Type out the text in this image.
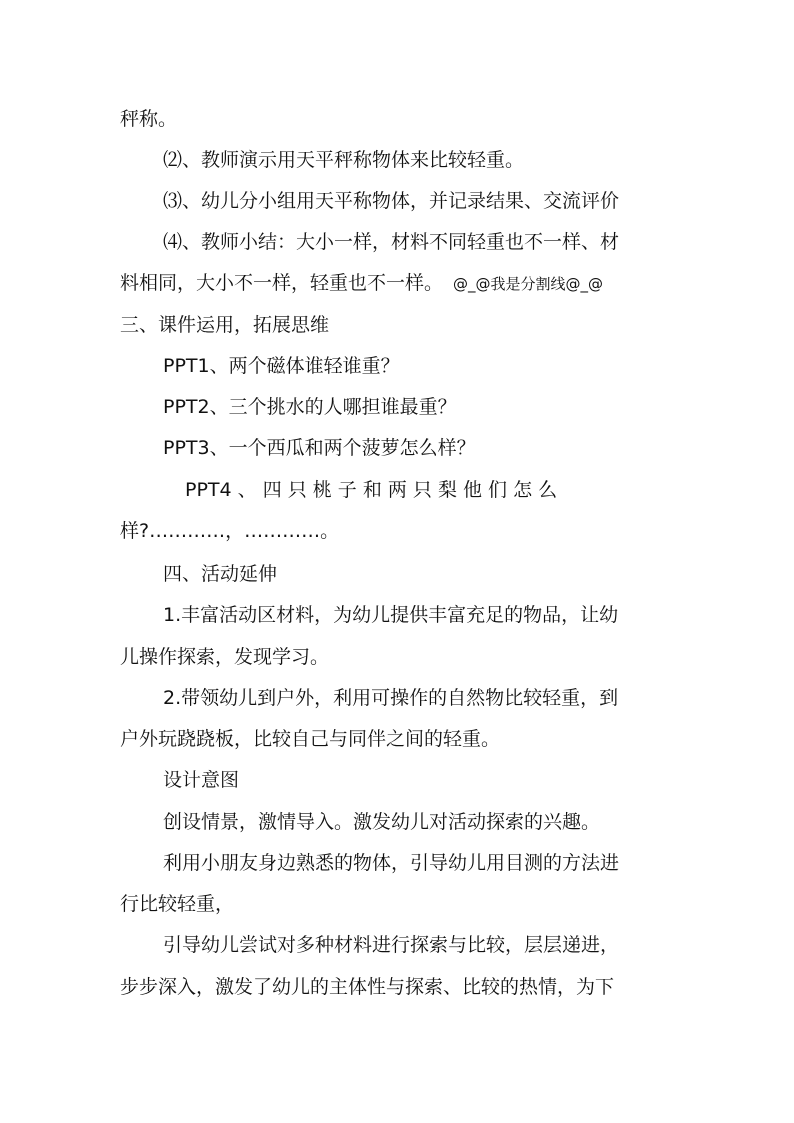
秤称。
⑵、教师演示用天平秤称物体来比较轻重。
⑶、幼儿分小组用天平称物体，并记录结果、交流评价
⑷、教师小结：大小一样，材料不同轻重也不一样、材
料相同，大小不一样，轻重也不一样。 @_@我是分割线@_@
三、课件运用，拓展思维
PPT1、两个磁体谁轻谁重？
PPT2、三个挑水的人哪担谁最重？
PPT3、一个西瓜和两个菠萝怎么样？
PPT4 、 四 只 桃 子 和 两 只 梨 他 们 怎 么
样?…………，…………。
四、活动延伸
1.丰富活动区材料，为幼儿提供丰富充足的物品，让幼
儿操作探索，发现学习。
2.带领幼儿到户外，利用可操作的自然物比较轻重，到
户外玩跷跷板，比较自己与同伴之间的轻重。
设计意图
创设情景，激情导入。激发幼儿对活动探索的兴趣。
利用小朋友身边熟悉的物体，引导幼儿用目测的方法进
行比较轻重，
引导幼儿尝试对多种材料进行探索与比较，层层递进，
步步深入，激发了幼儿的主体性与探索、比较的热情，为下
